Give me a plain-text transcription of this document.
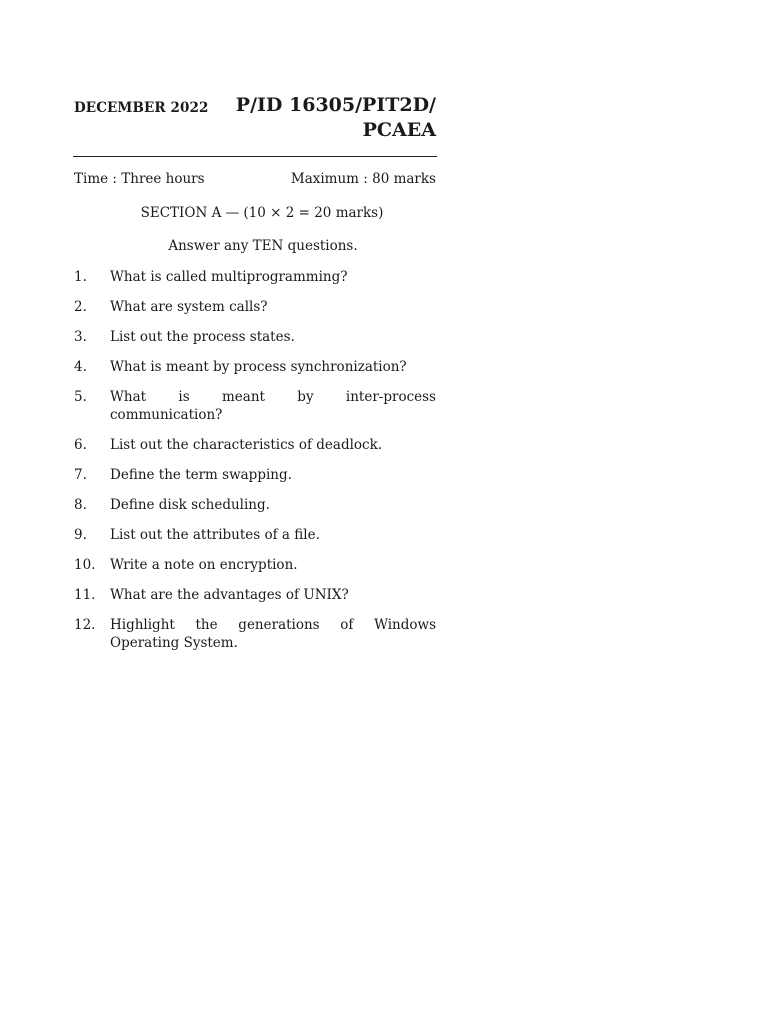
DECEMBER 2022	P/ID 16305/PIT2D/
PCAEA
Time : Three hours	Maximum : 80 marks
SECTION A — (10 × 2 = 20 marks)
Answer any TEN questions.
1. What is called multiprogramming?
2. What are system calls?
3. List out the process states.
4. What is meant by process synchronization?
5. What is meant by inter-process communication?
6. List out the characteristics of deadlock.
7. Define the term swapping.
8. Define disk scheduling.
9. List out the attributes of a file.
10. Write a note on encryption.
11. What are the advantages of UNIX?
12. Highlight the generations of Windows Operating System.
